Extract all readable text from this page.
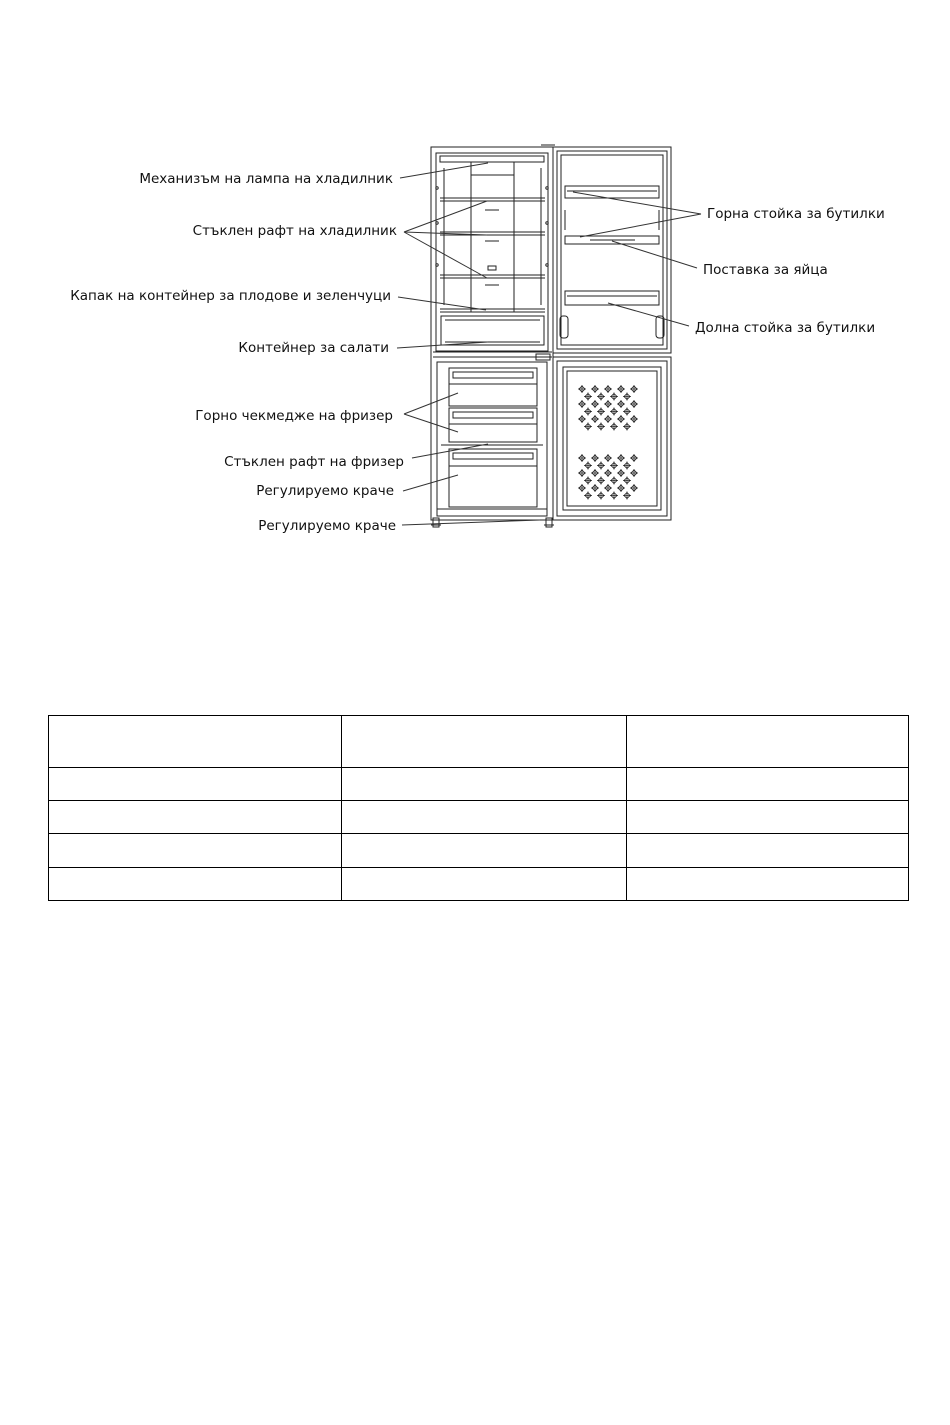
Механизъм на лампа на хладилник
Стъклен рафт на хладилник
Капак на контейнер за плодове и зеленчуци
Контейнер за салати
Горно чекмедже на фризер
Стъклен рафт на фризер
Регулируемо краче
Регулируемо краче
Горна стойка за бутилки
Поставка за яйца
Долна стойка за бутилки
